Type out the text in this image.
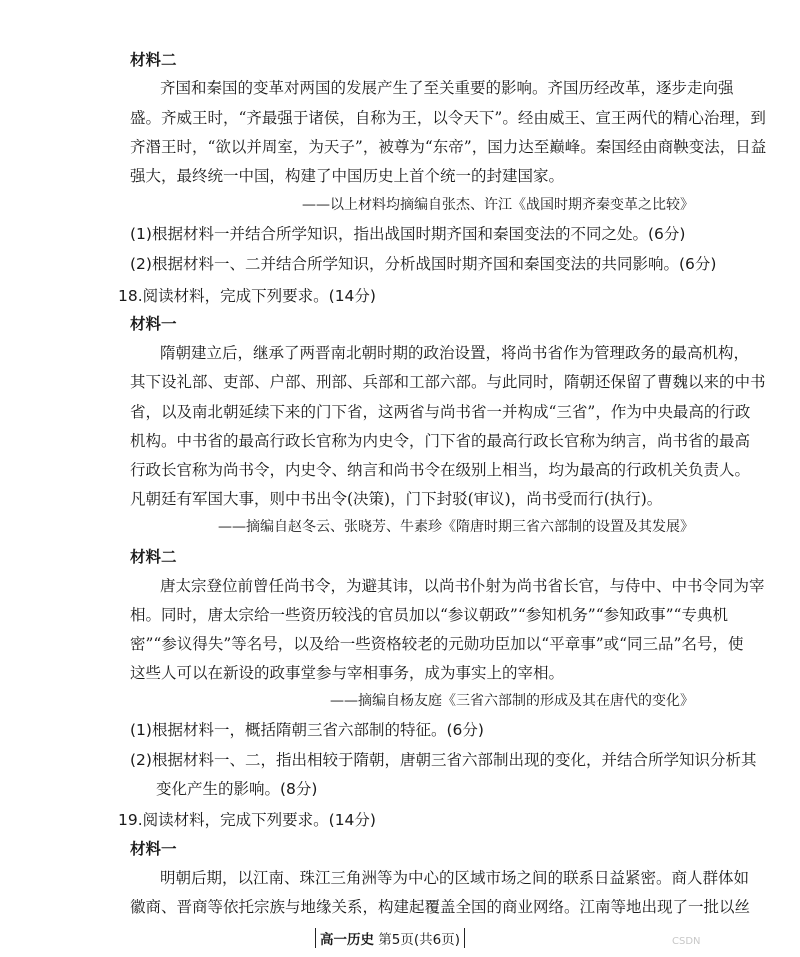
材料二
齐国和秦国的变革对两国的发展产生了至关重要的影响。齐国历经改革，逐步走向强
盛。齐威王时，“齐最强于诸侯，自称为王，以令天下”。经由威王、宣王两代的精心治理，到
齐湣王时，“欲以并周室，为天子”，被尊为“东帝”，国力达至巅峰。秦国经由商鞅变法，日益
强大，最终统一中国，构建了中国历史上首个统一的封建国家。
——以上材料均摘编自张杰、许江《战国时期齐秦变革之比较》
(1)根据材料一并结合所学知识，指出战国时期齐国和秦国变法的不同之处。(6分)
(2)根据材料一、二并结合所学知识，分析战国时期齐国和秦国变法的共同影响。(6分)
18.阅读材料，完成下列要求。(14分)
材料一
隋朝建立后，继承了两晋南北朝时期的政治设置，将尚书省作为管理政务的最高机构，
其下设礼部、吏部、户部、刑部、兵部和工部六部。与此同时，隋朝还保留了曹魏以来的中书
省，以及南北朝延续下来的门下省，这两省与尚书省一并构成“三省”，作为中央最高的行政
机构。中书省的最高行政长官称为内史令，门下省的最高行政长官称为纳言，尚书省的最高
行政长官称为尚书令，内史令、纳言和尚书令在级别上相当，均为最高的行政机关负责人。
凡朝廷有军国大事，则中书出令(决策)，门下封驳(审议)，尚书受而行(执行)。
——摘编自赵冬云、张晓芳、牛素珍《隋唐时期三省六部制的设置及其发展》
材料二
唐太宗登位前曾任尚书令，为避其讳，以尚书仆射为尚书省长官，与侍中、中书令同为宰
相。同时，唐太宗给一些资历较浅的官员加以“参议朝政”“参知机务”“参知政事”“专典机
密”“参议得失”等名号，以及给一些资格较老的元勋功臣加以“平章事”或“同三品”名号，使
这些人可以在新设的政事堂参与宰相事务，成为事实上的宰相。
——摘编自杨友庭《三省六部制的形成及其在唐代的变化》
(1)根据材料一，概括隋朝三省六部制的特征。(6分)
(2)根据材料一、二，指出相较于隋朝，唐朝三省六部制出现的变化，并结合所学知识分析其
变化产生的影响。(8分)
19.阅读材料，完成下列要求。(14分)
材料一
明朝后期，以江南、珠江三角洲等为中心的区域市场之间的联系日益紧密。商人群体如
徽商、晋商等依托宗族与地缘关系，构建起覆盖全国的商业网络。江南等地出现了一批以丝
高一历史 第5页(共6页)	CSDN
